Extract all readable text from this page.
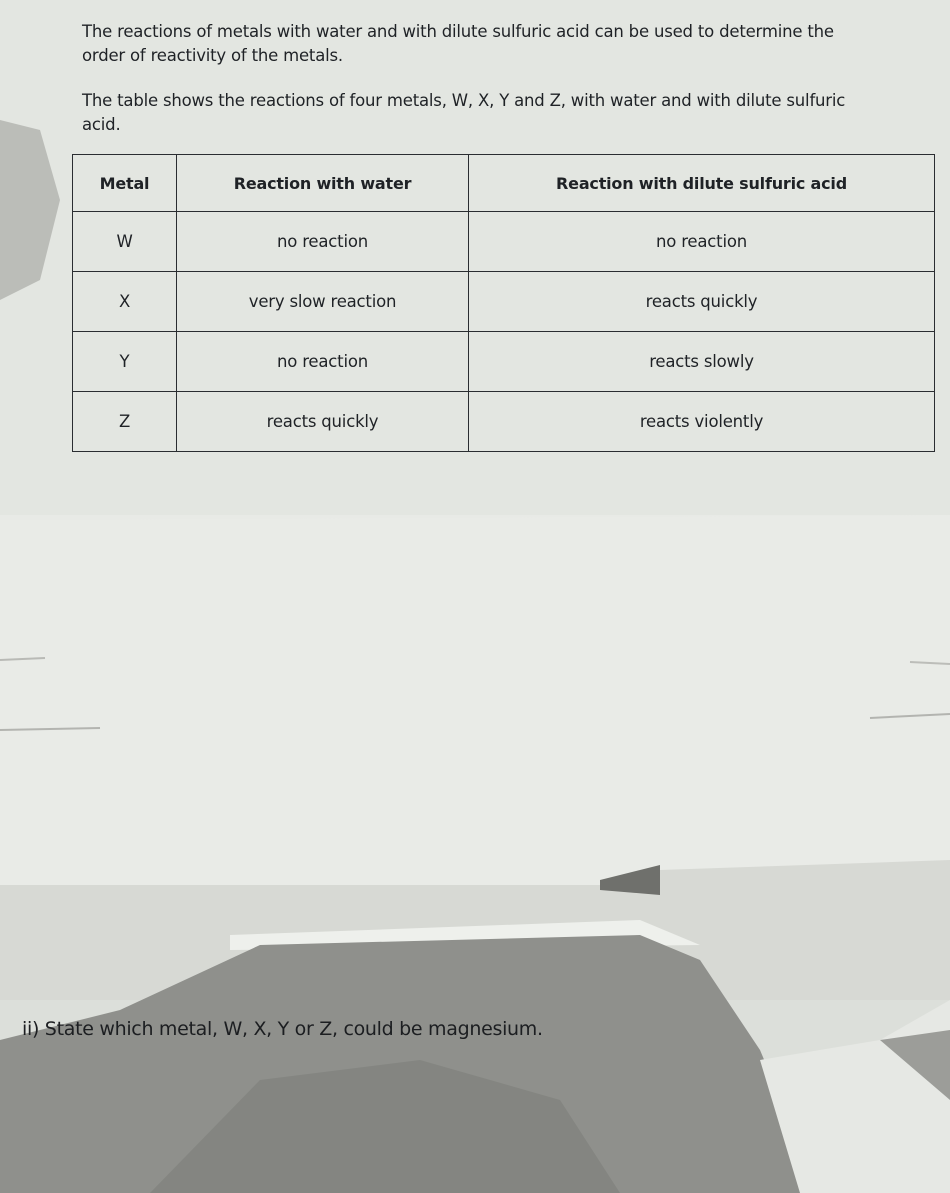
The reactions of metals with water and with dilute sulfuric acid can be used to determine the
order of reactivity of the metals.
The table shows the reactions of four metals, W, X, Y and Z, with water and with dilute sulfuric
acid.
Metal	Reaction with water	Reaction with dilute sulfuric acid
W	no reaction	no reaction
X	very slow reaction	reacts quickly
Y	no reaction	reacts slowly
Z	reacts quickly	reacts violently
ii) State which metal, W, X, Y or Z, could be magnesium.
